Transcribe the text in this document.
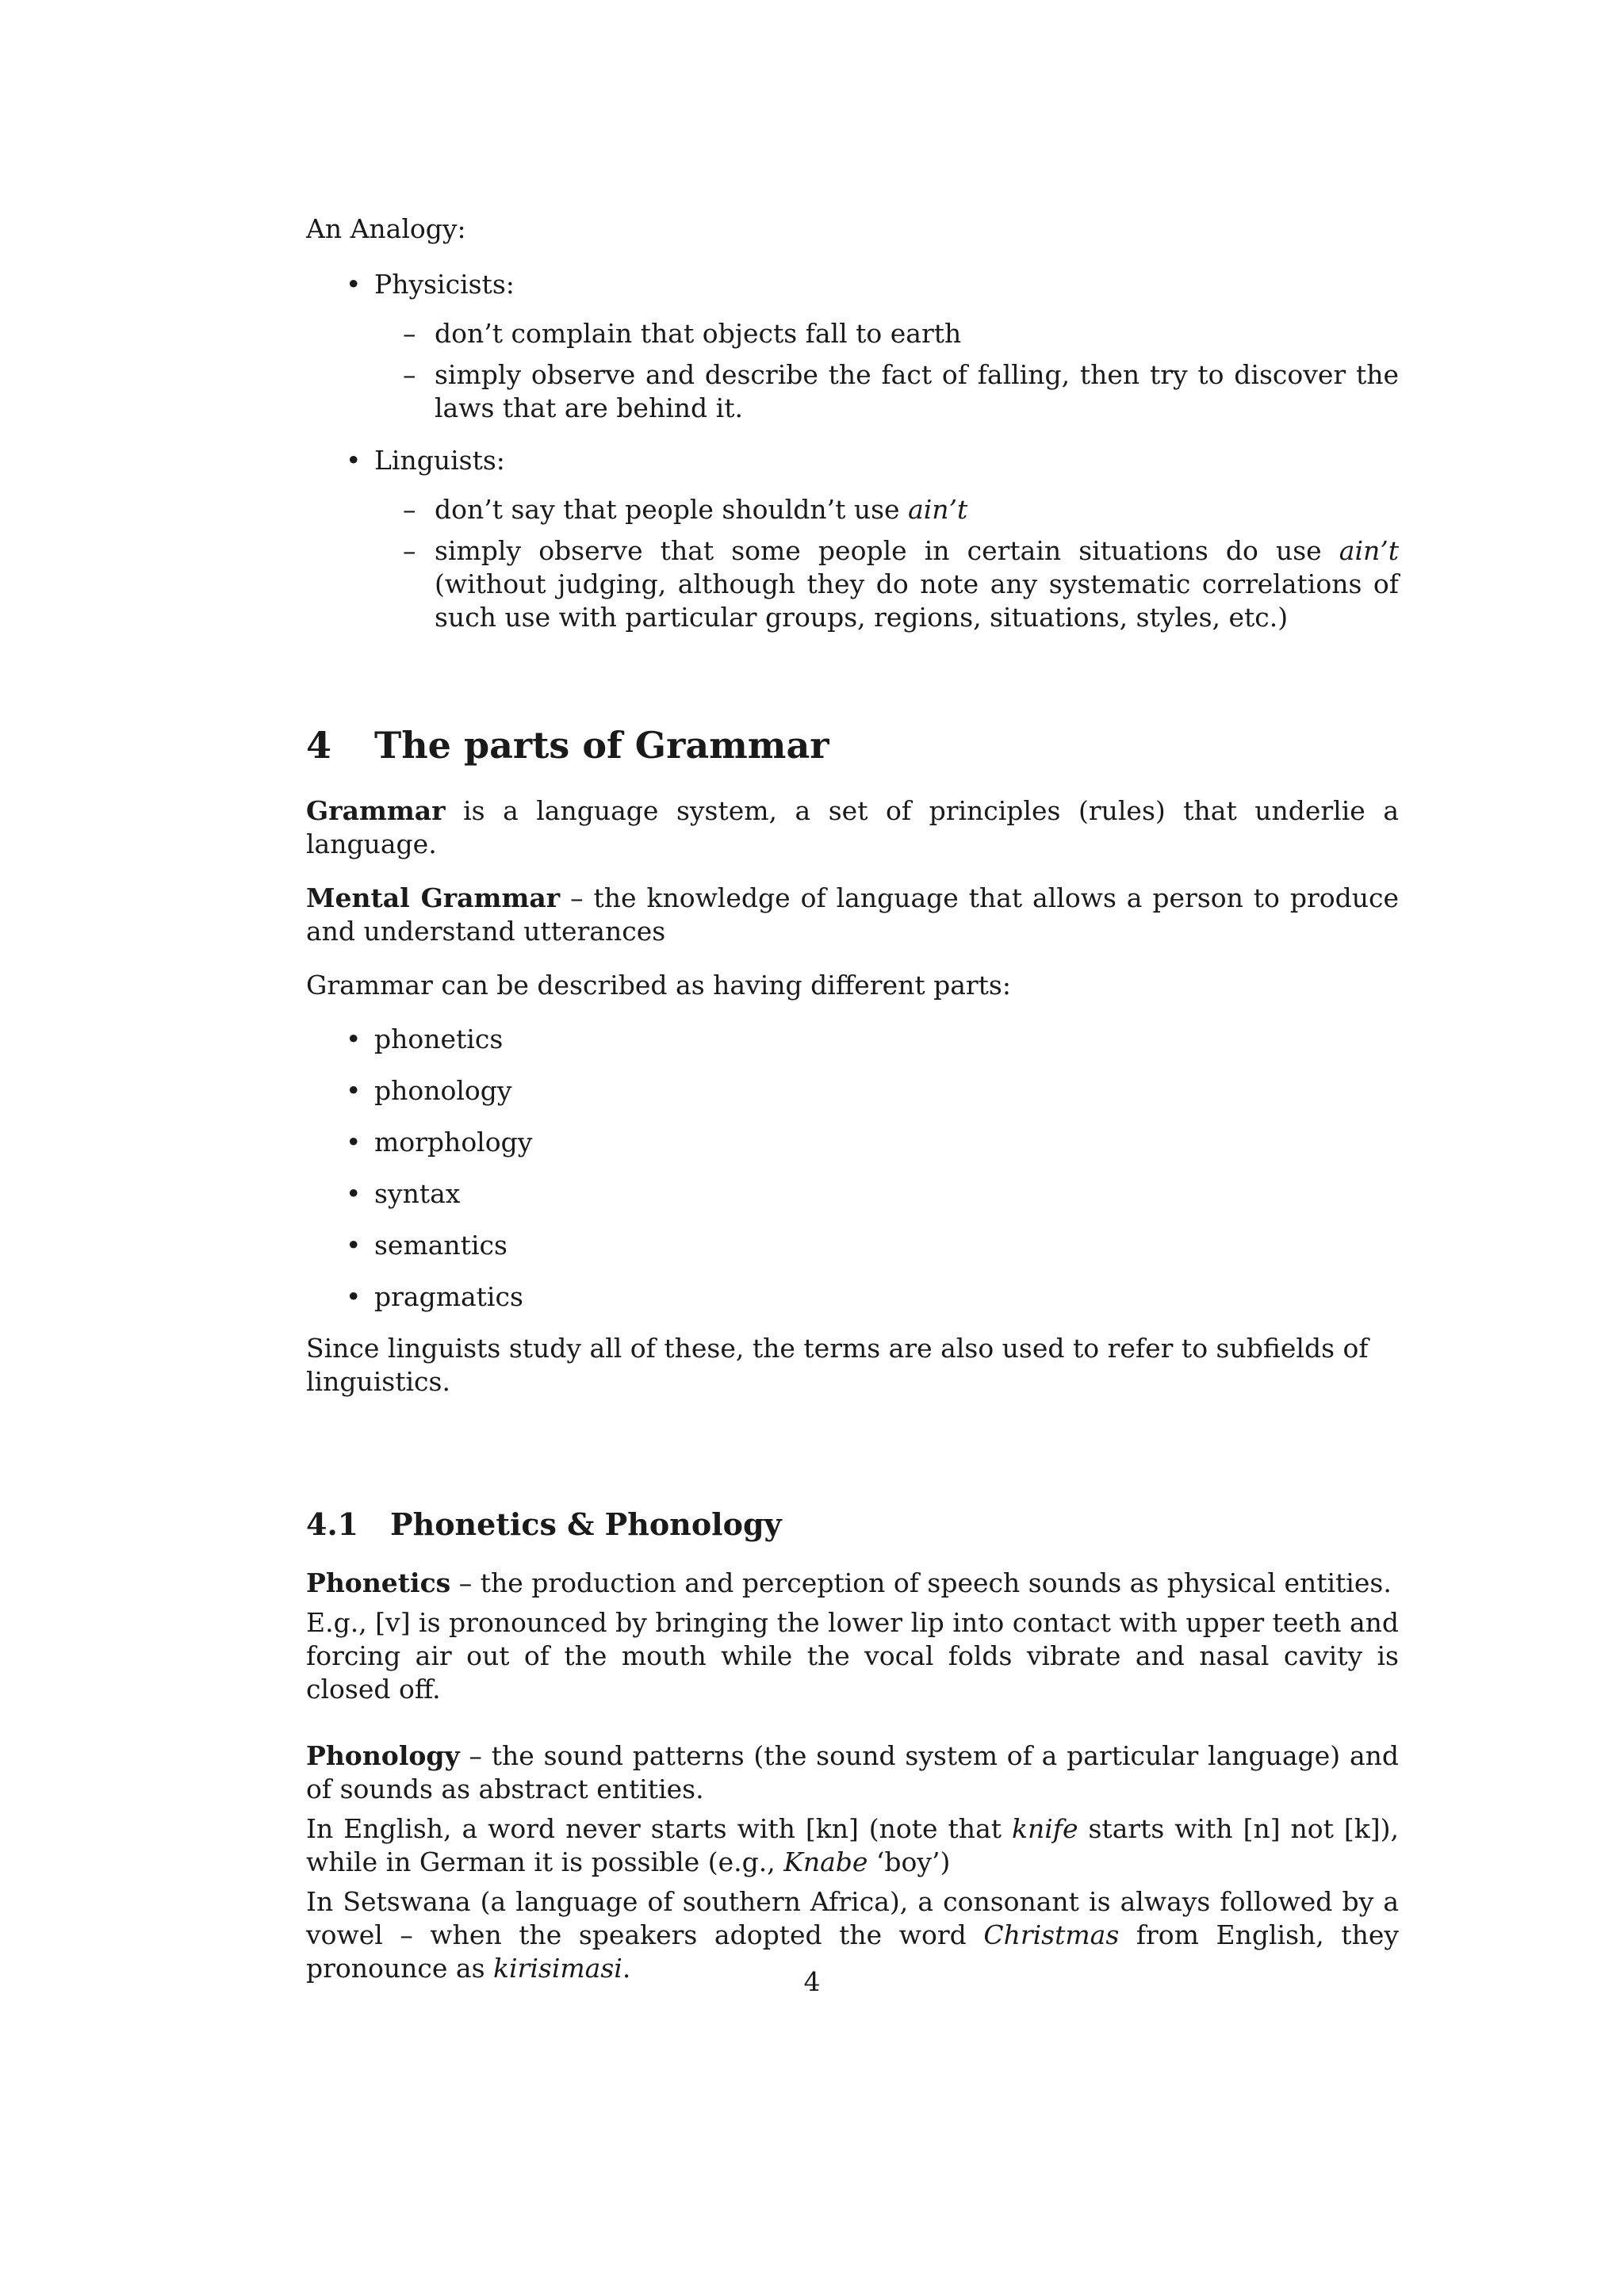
An Analogy:

• Physicists:
– don’t complain that objects fall to earth
– simply observe and describe the fact of falling, then try to discover the laws that are behind it.
• Linguists:
– don’t say that people shouldn’t use ain’t
– simply observe that some people in certain situations do use ain’t (without judging, although they do note any systematic correlations of such use with particular groups, regions, situations, styles, etc.)
4 The parts of Grammar

Grammar is a language system, a set of principles (rules) that underlie a language.

Mental Grammar – the knowledge of language that allows a person to produce and understand utterances

Grammar can be described as having different parts:

• phonetics
• phonology
• morphology
• syntax
• semantics
• pragmatics

Since linguists study all of these, the terms are also used to refer to subfields of linguistics.

4.1 Phonetics & Phonology

Phonetics – the production and perception of speech sounds as physical entities.

E.g., [v] is pronounced by bringing the lower lip into contact with upper teeth and forcing air out of the mouth while the vocal folds vibrate and nasal cavity is closed off.

Phonology – the sound patterns (the sound system of a particular language) and of sounds as abstract entities.

In English, a word never starts with [kn] (note that knife starts with [n] not [k]), while in German it is possible (e.g., Knabe ‘boy’)

In Setswana (a language of southern Africa), a consonant is always followed by a vowel – when the speakers adopted the word Christmas from English, they pronounce as kirisimasi.	4
